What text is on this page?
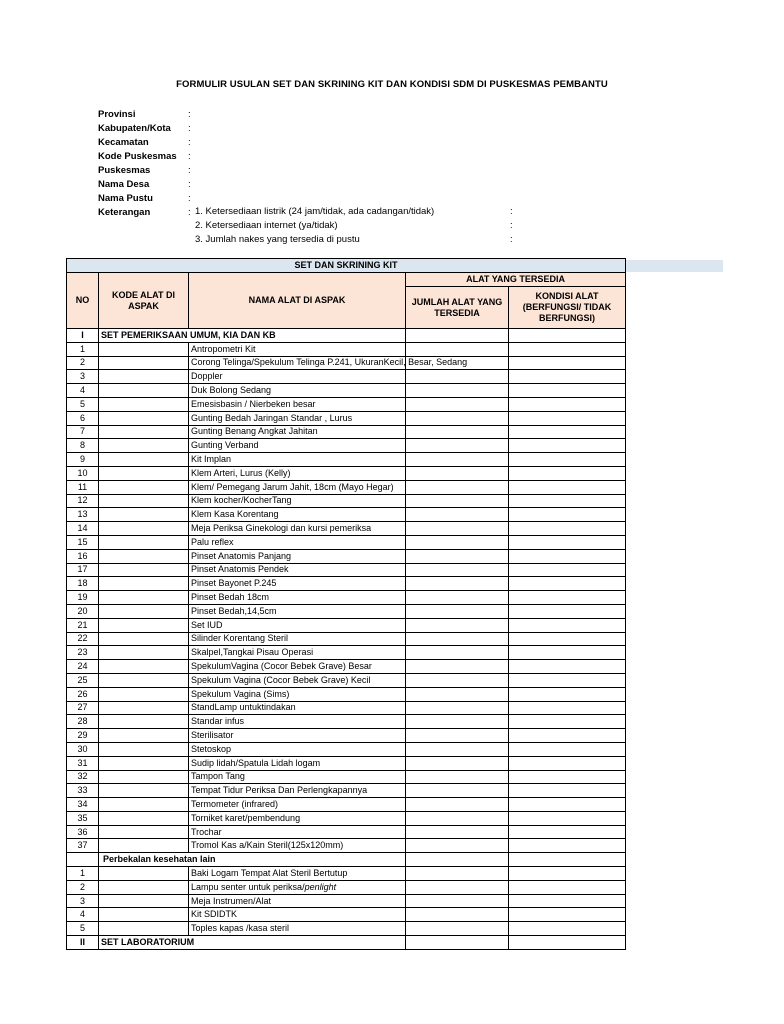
FORMULIR USULAN SET DAN SKRINING KIT DAN KONDISI SDM DI PUSKESMAS PEMBANTU
Provinsi	:
Kabupaten/Kota	:
Kecamatan	:
Kode Puskesmas	:
Puskesmas	:
Nama Desa	:
Nama Pustu	:
Keterangan	: 1. Ketersediaan listrik (24 jam/tidak, ada cadangan/tidak)	:
2. Ketersediaan internet (ya/tidak)	:
3. Jumlah nakes yang tersedia di pustu	:
SET DAN SKRINING KIT				
NO	KODE ALAT DI ASPAK	NAMA ALAT DI ASPAK	ALAT YANG TERSEDIA	
			JUMLAH ALAT YANG TERSEDIA	KONDISI ALAT (BERFUNGSI/ TIDAK BERFUNGSI)
I	SET PEMERIKSAAN UMUM, KIA DAN KB			
1		Antropometri Kit		
2		Corong Telinga/Spekulum Telinga P.241, UkuranKecil, Besar, Sedang		
3		Doppler		
4		Duk Bolong Sedang		
5		Emesisbasin / Nierbeken besar		
6		Gunting Bedah Jaringan Standar , Lurus		
7		Gunting Benang Angkat Jahitan		
8		Gunting Verband		
9		Kit Implan		
10		Klem Arteri, Lurus (Kelly)		
11		Klem/ Pemegang Jarum Jahit, 18cm (Mayo Hegar)		
12		Klem kocher/KocherTang		
13		Klem Kasa Korentang		
14		Meja Periksa Ginekologi dan kursi pemeriksa		
15		Palu reflex		
16		Pinset Anatomis Panjang		
17		Pinset Anatomis Pendek		
18		Pinset Bayonet P.245		
19		Pinset Bedah 18cm		
20		Pinset Bedah,14,5cm		
21		Set IUD		
22		Silinder Korentang Steril		
23		Skalpel,Tangkai Pisau Operasi		
24		SpekulumVagina (Cocor Bebek Grave) Besar		
25		Spekulum Vagina (Cocor Bebek Grave) Kecil		
26		Spekulum Vagina (Sims)		
27		StandLamp untuktindakan		
28		Standar infus		
29		Sterilisator		
30		Stetoskop		
31		Sudip lidah/Spatula Lidah logam		
32		Tampon Tang		
33		Tempat Tidur Periksa Dan Perlengkapannya		
34		Termometer (infrared)		
35		Torniket karet/pembendung		
36		Trochar		
37		Tromol Kas a/Kain Steril(125x120mm)		
	Perbekalan kesehatan lain			
1		Baki Logam Tempat Alat Steril Bertutup		
2		Lampu senter untuk periksa/penlight		
3		Meja Instrumen/Alat		
4		Kit SDIDTK		
5		Toples kapas /kasa steril		
II	SET LABORATORIUM			
